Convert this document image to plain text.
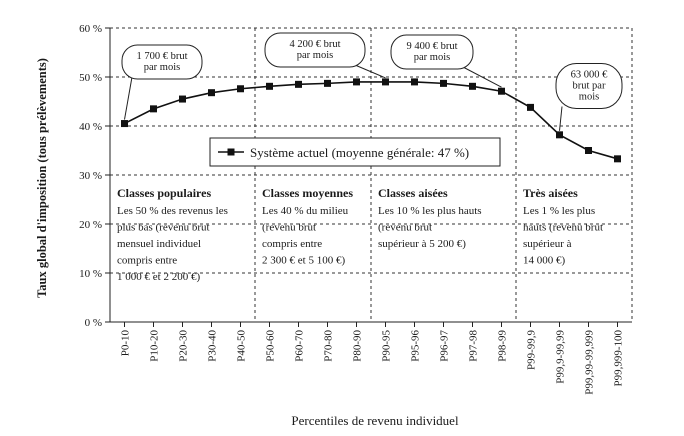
0 %
10 %
20 %
30 %
40 %
50 %
60 %
P0-10 P10-20 P20-30 P30-40 P40-50 P50-60 P60-70 P70-80 P80-90 P90-95 P95-96 P96-97 P97-98 P98-99 P99-99,9 P99,9-99,99 P99,99-99,999 P99,999-100
Classes populaires
Les 50 % des revenus les
plus bas (revenu brut
mensuel individuel
compris entre
1 000 € et 2 200 €)
Classes moyennes
Les 40 % du milieu
(revenu brut
compris entre
2 300 € et 5 100 €)
Classes aisées
Les 10 % les plus hauts
(revenu brut
supérieur à 5 200 €)
Très aisées
Les 1 % les plus
hauts (revenu brut
supérieur à
14 000 €)
1 700 € brut
par mois
4 200 € brut
par mois
9 400 € brut
par mois
63 000 €
brut par
mois
Système actuel (moyenne générale: 47 %)
Taux global d'imposition (tous prélèvements)
Percentiles de revenu individuel
